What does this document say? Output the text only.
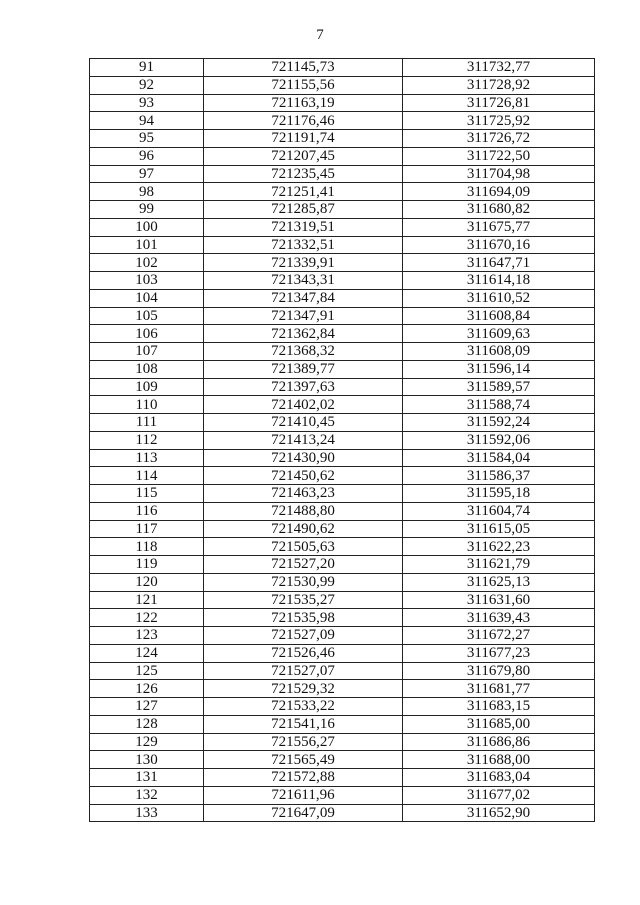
7
91	721145,73	311732,77
92	721155,56	311728,92
93	721163,19	311726,81
94	721176,46	311725,92
95	721191,74	311726,72
96	721207,45	311722,50
97	721235,45	311704,98
98	721251,41	311694,09
99	721285,87	311680,82
100	721319,51	311675,77
101	721332,51	311670,16
102	721339,91	311647,71
103	721343,31	311614,18
104	721347,84	311610,52
105	721347,91	311608,84
106	721362,84	311609,63
107	721368,32	311608,09
108	721389,77	311596,14
109	721397,63	311589,57
110	721402,02	311588,74
111	721410,45	311592,24
112	721413,24	311592,06
113	721430,90	311584,04
114	721450,62	311586,37
115	721463,23	311595,18
116	721488,80	311604,74
117	721490,62	311615,05
118	721505,63	311622,23
119	721527,20	311621,79
120	721530,99	311625,13
121	721535,27	311631,60
122	721535,98	311639,43
123	721527,09	311672,27
124	721526,46	311677,23
125	721527,07	311679,80
126	721529,32	311681,77
127	721533,22	311683,15
128	721541,16	311685,00
129	721556,27	311686,86
130	721565,49	311688,00
131	721572,88	311683,04
132	721611,96	311677,02
133	721647,09	311652,90
